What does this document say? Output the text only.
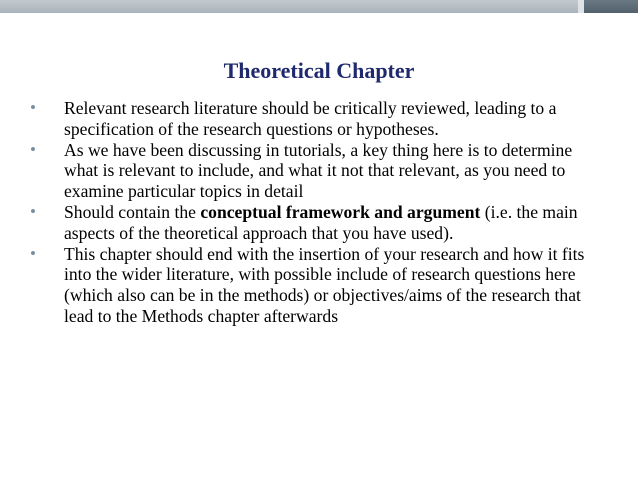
Theoretical Chapter
• Relevant research literature should be critically reviewed, leading to a specification of the research questions or hypotheses.
• As we have been discussing in tutorials, a key thing here is to determine what is relevant to include, and what it not that relevant, as you need to examine particular topics in detail
• Should contain the conceptual framework and argument (i.e. the main aspects of the theoretical approach that you have used).
• This chapter should end with the insertion of your research and how it fits into the wider literature, with possible include of research questions here (which also can be in the methods) or objectives/aims of the research that lead to the Methods chapter afterwards
